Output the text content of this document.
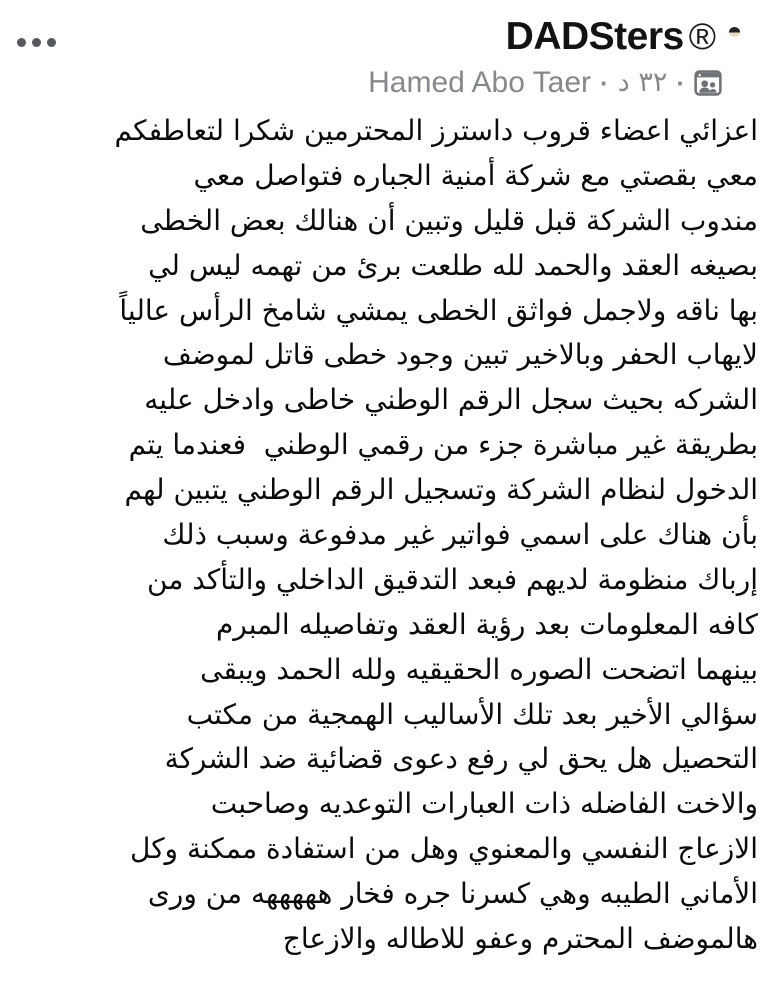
DADSters ®
·
٣٢ د
·
Hamed Abo Taer
اعزائي اعضاء قروب داسترز المحترمين شكرا لتعاطفكم
معي بقصتي مع شركة أمنية الجباره فتواصل معي
مندوب الشركة قبل قليل وتبين أن هنالك بعض الخطى
بصيغه العقد والحمد لله طلعت برئ من تهمه ليس لي
بها ناقه ولاجمل فواثق الخطى يمشي شامخ الرأس عالياً
لايهاب الحفر وبالاخير تبين وجود خطى قاتل لموضف
الشركه بحيث سجل الرقم الوطني خاطى وادخل عليه
بطريقة غير مباشرة جزء من رقمي الوطني  فعندما يتم
الدخول لنظام الشركة وتسجيل الرقم الوطني يتبين لهم
بأن هناك على اسمي فواتير غير مدفوعة وسبب ذلك
إرباك منظومة لديهم فبعد التدقيق الداخلي والتأكد من
كافه المعلومات بعد رؤية العقد وتفاصيله المبرم
بينهما اتضحت الصوره الحقيقيه ولله الحمد ويبقى
سؤالي الأخير بعد تلك الأساليب الهمجية من مكتب
التحصيل هل يحق لي رفع دعوى قضائية ضد الشركة
والاخت الفاضله ذات العبارات التوعديه وصاحبت
الازعاج النفسي والمعنوي وهل من استفادة ممكنة وكل
الأماني الطيبه وهي كسرنا جره فخار هههههه من ورى
هالموضف المحترم وعفو للاطاله والازعاج
